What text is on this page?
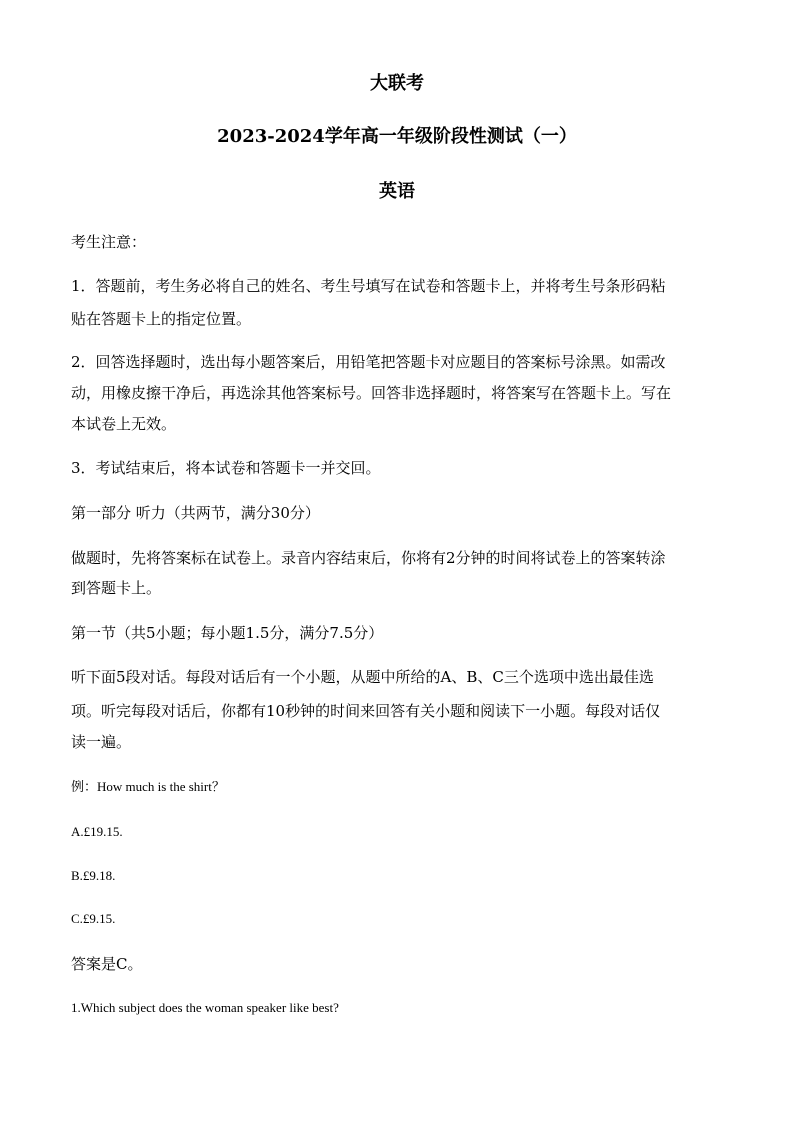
大联考
2023-2024学年高一年级阶段性测试（一）
英语
考生注意：
1．答题前，考生务必将自己的姓名、考生号填写在试卷和答题卡上，并将考生号条形码粘
贴在答题卡上的指定位置。
2．回答选择题时，选出每小题答案后，用铅笔把答题卡对应题目的答案标号涂黑。如需改
动，用橡皮擦干净后，再选涂其他答案标号。回答非选择题时，将答案写在答题卡上。写在
本试卷上无效。
3．考试结束后，将本试卷和答题卡一并交回。
第一部分 听力（共两节，满分30分）
做题时，先将答案标在试卷上。录音内容结束后，你将有2分钟的时间将试卷上的答案转涂
到答题卡上。
第一节（共5小题；每小题1.5分，满分7.5分）
听下面5段对话。每段对话后有一个小题，从题中所给的A、B、C三个选项中选出最佳选
项。听完每段对话后，你都有10秒钟的时间来回答有关小题和阅读下一小题。每段对话仅
读一遍。
例：How much is the shirt？
A.£19.15.
B.£9.18.
C.£9.15.
答案是C。
1.Which subject does the woman speaker like best?
